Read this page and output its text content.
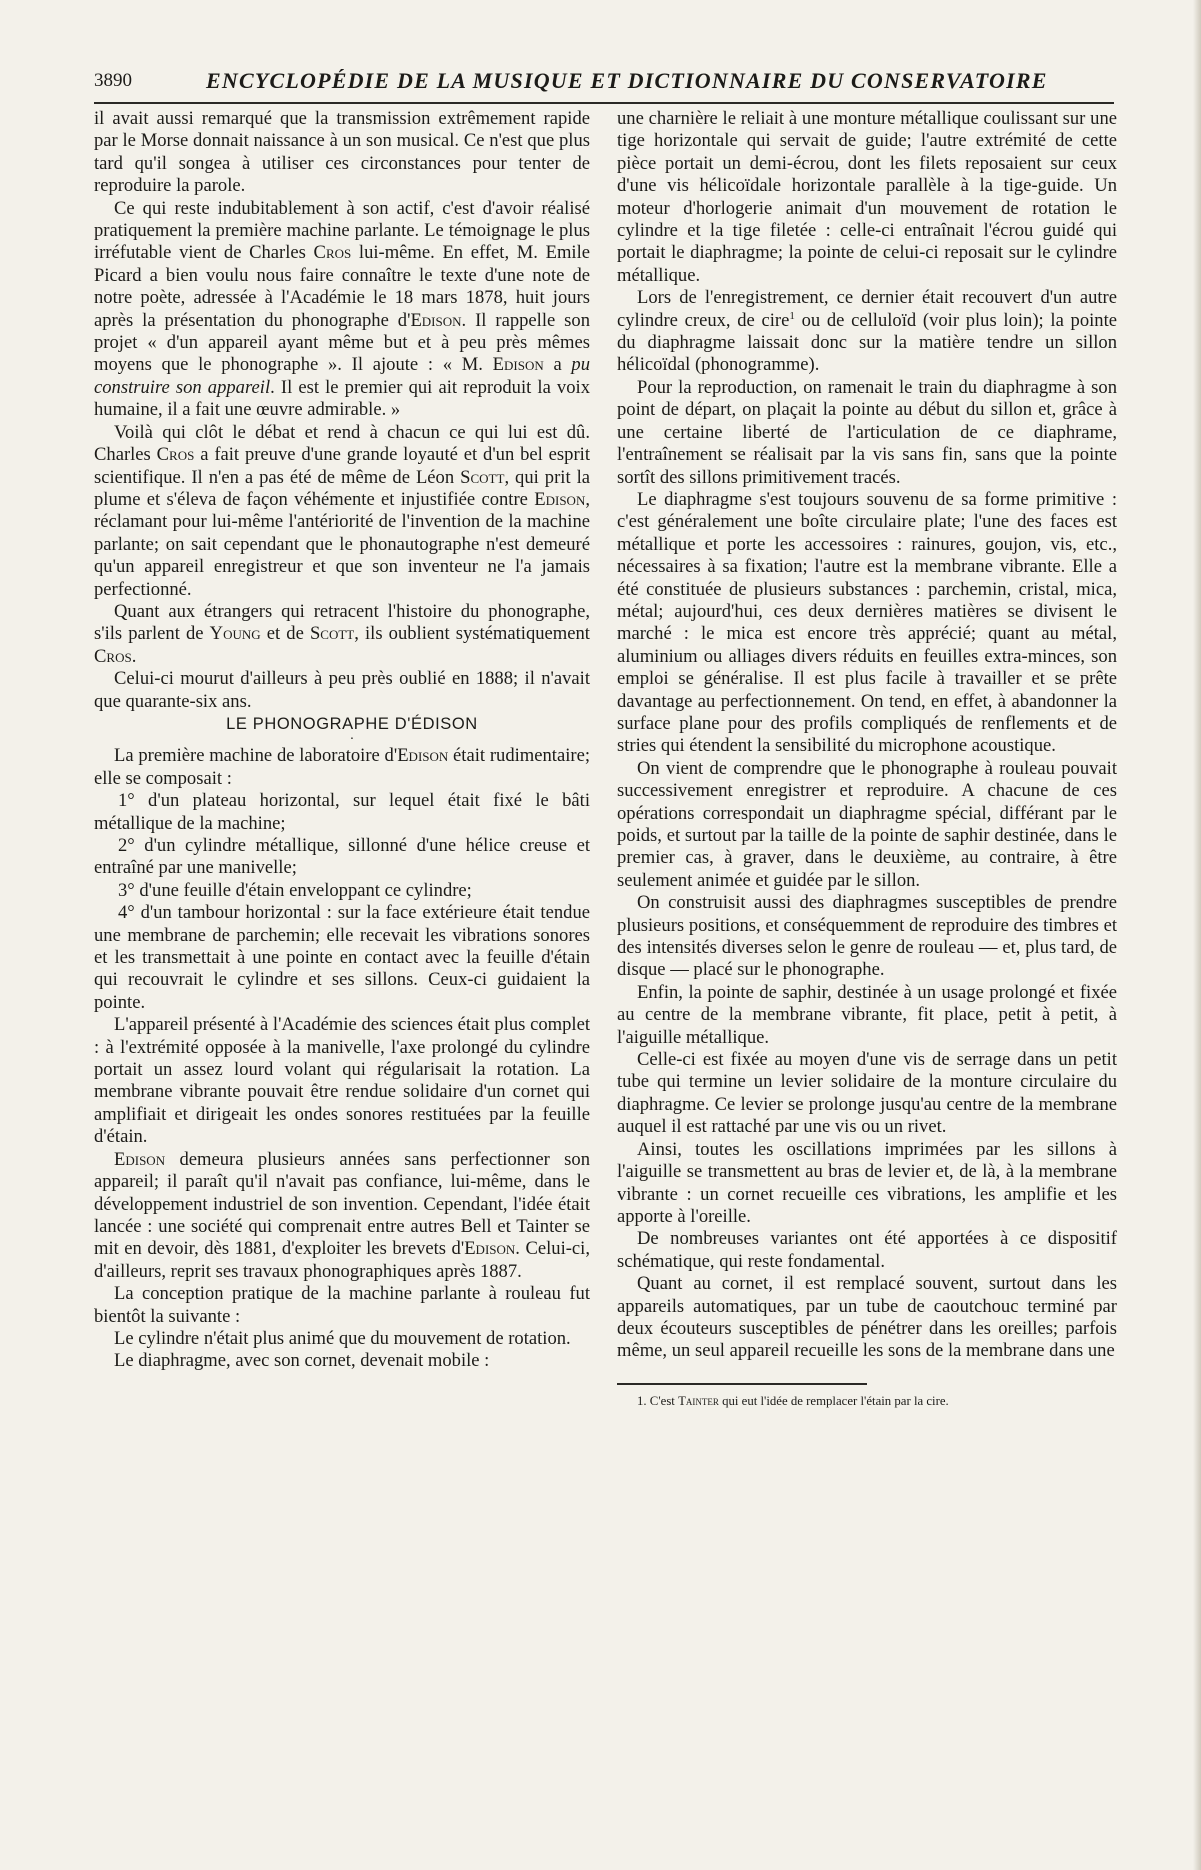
3890	ENCYCLOPÉDIE DE LA MUSIQUE ET DICTIONNAIRE DU CONSERVATOIRE

il avait aussi remarqué que la transmission extrêmement rapide par le Morse donnait naissance à un son musical. Ce n'est que plus tard qu'il songea à utiliser ces circonstances pour tenter de reproduire la parole.

Ce qui reste indubitablement à son actif, c'est d'avoir réalisé pratiquement la première machine parlante. Le témoignage le plus irréfutable vient de Charles Cros lui-même. En effet, M. Emile Picard a bien voulu nous faire connaître le texte d'une note de notre poète, adressée à l'Académie le 18 mars 1878, huit jours après la présentation du phonographe d'Edison. Il rappelle son projet « d'un appareil ayant même but et à peu près mêmes moyens que le phonographe ». Il ajoute : « M. Edison a pu construire son appareil. Il est le premier qui ait reproduit la voix humaine, il a fait une œuvre admirable. »

Voilà qui clôt le débat et rend à chacun ce qui lui est dû. Charles Cros a fait preuve d'une grande loyauté et d'un bel esprit scientifique. Il n'en a pas été de même de Léon Scott, qui prit la plume et s'éleva de façon véhémente et injustifiée contre Edison, réclamant pour lui-même l'antériorité de l'invention de la machine parlante; on sait cependant que le phonautographe n'est demeuré qu'un appareil enregistreur et que son inventeur ne l'a jamais perfectionné.

Quant aux étrangers qui retracent l'histoire du phonographe, s'ils parlent de Young et de Scott, ils oublient systématiquement Cros.

Celui-ci mourut d'ailleurs à peu près oublié en 1888; il n'avait que quarante-six ans.

LE PHONOGRAPHE D'ÉDISON

·

La première machine de laboratoire d'Edison était rudimentaire; elle se composait :

1° d'un plateau horizontal, sur lequel était fixé le bâti métallique de la machine;

2° d'un cylindre métallique, sillonné d'une hélice creuse et entraîné par une manivelle;

3° d'une feuille d'étain enveloppant ce cylindre;

4° d'un tambour horizontal : sur la face extérieure était tendue une membrane de parchemin; elle recevait les vibrations sonores et les transmettait à une pointe en contact avec la feuille d'étain qui recouvrait le cylindre et ses sillons. Ceux-ci guidaient la pointe.

L'appareil présenté à l'Académie des sciences était plus complet : à l'extrémité opposée à la manivelle, l'axe prolongé du cylindre portait un assez lourd volant qui régularisait la rotation. La membrane vibrante pouvait être rendue solidaire d'un cornet qui amplifiait et dirigeait les ondes sonores restituées par la feuille d'étain.

Edison demeura plusieurs années sans perfectionner son appareil; il paraît qu'il n'avait pas confiance, lui-même, dans le développement industriel de son invention. Cependant, l'idée était lancée : une société qui comprenait entre autres Bell et Tainter se mit en devoir, dès 1881, d'exploiter les brevets d'Edison. Celui-ci, d'ailleurs, reprit ses travaux phonographiques après 1887.

La conception pratique de la machine parlante à rouleau fut bientôt la suivante :

Le cylindre n'était plus animé que du mouvement de rotation.

Le diaphragme, avec son cornet, devenait mobile :

une charnière le reliait à une monture métallique coulissant sur une tige horizontale qui servait de guide; l'autre extrémité de cette pièce portait un demi-écrou, dont les filets reposaient sur ceux d'une vis hélicoïdale horizontale parallèle à la tige-guide. Un moteur d'horlogerie animait d'un mouvement de rotation le cylindre et la tige filetée : celle-ci entraînait l'écrou guidé qui portait le diaphragme; la pointe de celui-ci reposait sur le cylindre métallique.

Lors de l'enregistrement, ce dernier était recouvert d'un autre cylindre creux, de cire$^1$ ou de celluloïd (voir plus loin); la pointe du diaphragme laissait donc sur la matière tendre un sillon hélicoïdal (phonogramme).

Pour la reproduction, on ramenait le train du diaphragme à son point de départ, on plaçait la pointe au début du sillon et, grâce à une certaine liberté de l'articulation de ce diaphrame, l'entraînement se réalisait par la vis sans fin, sans que la pointe sortît des sillons primitivement tracés.

Le diaphragme s'est toujours souvenu de sa forme primitive : c'est généralement une boîte circulaire plate; l'une des faces est métallique et porte les accessoires : rainures, goujon, vis, etc., nécessaires à sa fixation; l'autre est la membrane vibrante. Elle a été constituée de plusieurs substances : parchemin, cristal, mica, métal; aujourd'hui, ces deux dernières matières se divisent le marché : le mica est encore très apprécié; quant au métal, aluminium ou alliages divers réduits en feuilles extra-minces, son emploi se généralise. Il est plus facile à travailler et se prête davantage au perfectionnement. On tend, en effet, à abandonner la surface plane pour des profils compliqués de renflements et de stries qui étendent la sensibilité du microphone acoustique.

On vient de comprendre que le phonographe à rouleau pouvait successivement enregistrer et reproduire. A chacune de ces opérations correspondait un diaphragme spécial, différant par le poids, et surtout par la taille de la pointe de saphir destinée, dans le premier cas, à graver, dans le deuxième, au contraire, à être seulement animée et guidée par le sillon.

On construisit aussi des diaphragmes susceptibles de prendre plusieurs positions, et conséquemment de reproduire des timbres et des intensités diverses selon le genre de rouleau — et, plus tard, de disque — placé sur le phonographe.

Enfin, la pointe de saphir, destinée à un usage prolongé et fixée au centre de la membrane vibrante, fit place, petit à petit, à l'aiguille métallique.

Celle-ci est fixée au moyen d'une vis de serrage dans un petit tube qui termine un levier solidaire de la monture circulaire du diaphragme. Ce levier se prolonge jusqu'au centre de la membrane auquel il est rattaché par une vis ou un rivet.

Ainsi, toutes les oscillations imprimées par les sillons à l'aiguille se transmettent au bras de levier et, de là, à la membrane vibrante : un cornet recueille ces vibrations, les amplifie et les apporte à l'oreille.

De nombreuses variantes ont été apportées à ce dispositif schématique, qui reste fondamental.

Quant au cornet, il est remplacé souvent, surtout dans les appareils automatiques, par un tube de caoutchouc terminé par deux écouteurs susceptibles de pénétrer dans les oreilles; parfois même, un seul appareil recueille les sons de la membrane dans une

1. C'est Tainter qui eut l'idée de remplacer l'étain par la cire.
